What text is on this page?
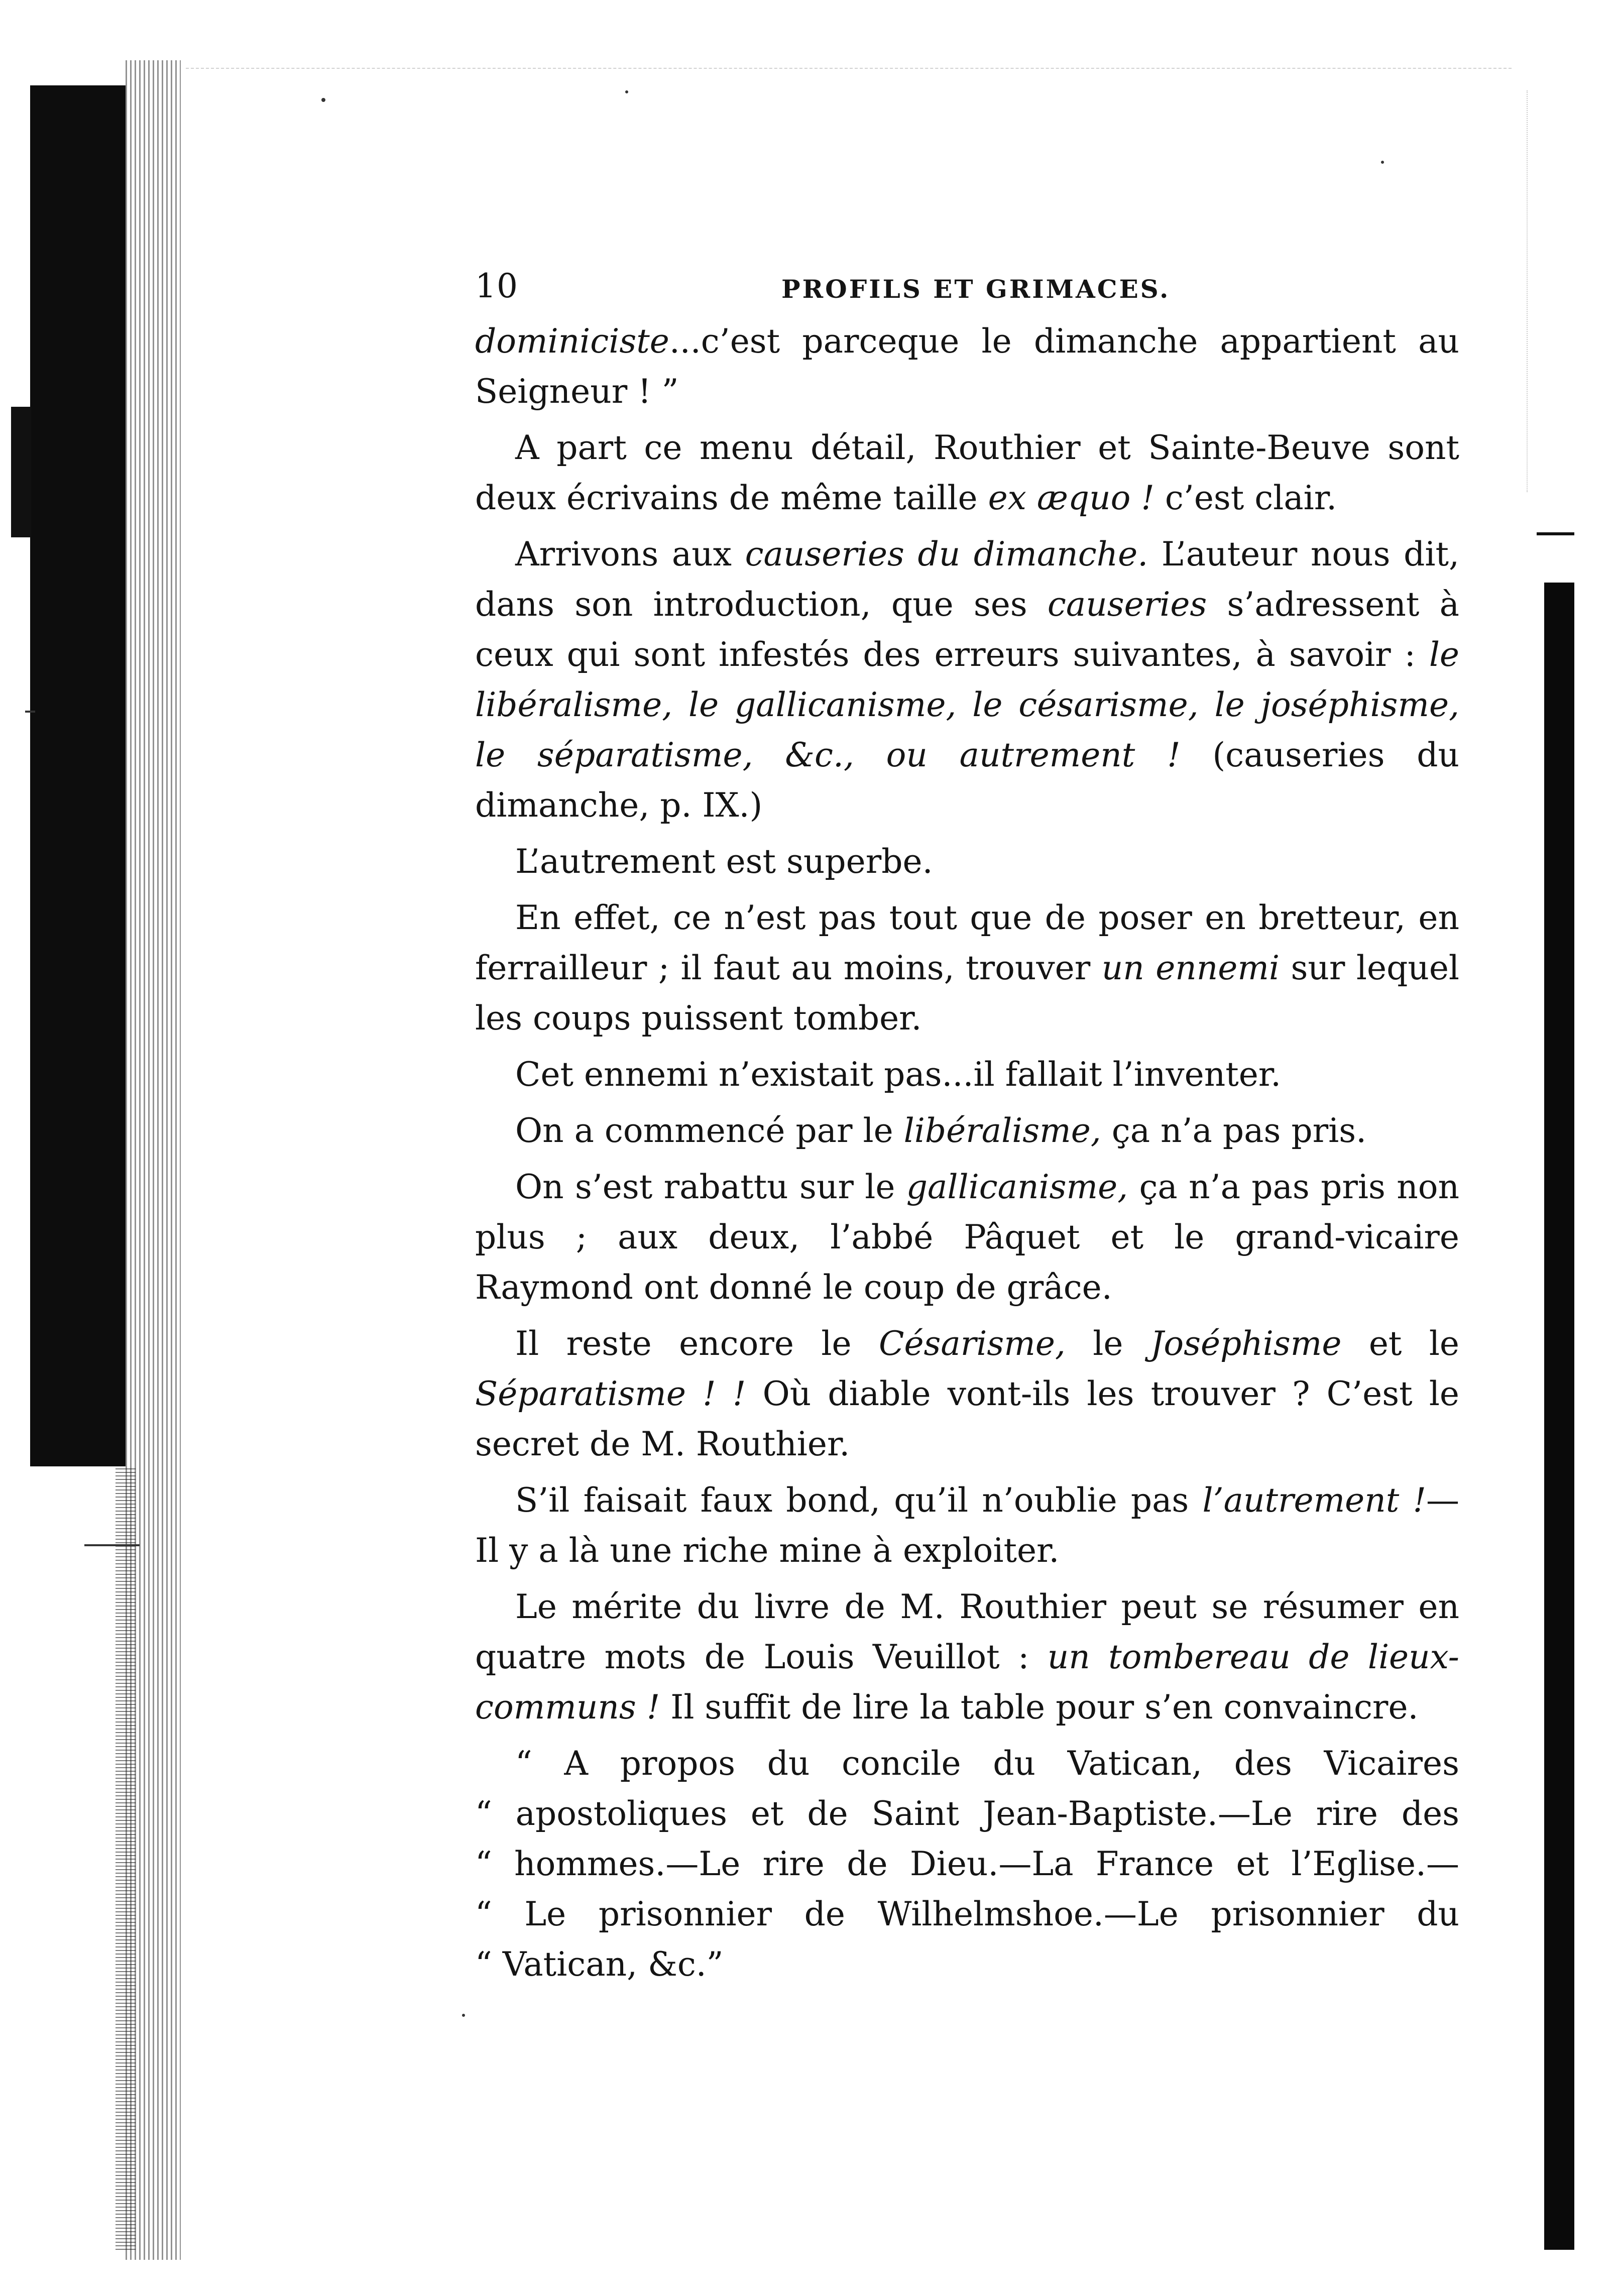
10	PROFILS ET GRIMACES.

dominiciste...c’est parceque le dimanche appartient au Seigneur ! ”

A part ce menu détail, Routhier et Sainte-Beuve sont deux écrivains de même taille ex æquo ! c’est clair.

Arrivons aux causeries du dimanche. L’auteur nous dit, dans son introduction, que ses causeries s’adressent à ceux qui sont infestés des erreurs suivantes, à savoir : le libéralisme, le gallicanisme, le césarisme, le joséphisme, le séparatisme, &c., ou autrement ! (causeries du dimanche, p. IX.)

L’autrement est superbe.

En effet, ce n’est pas tout que de poser en bretteur, en ferrailleur ; il faut au moins, trouver un ennemi sur lequel les coups puissent tomber.

Cet ennemi n’existait pas...il fallait l’inventer.

On a commencé par le libéralisme, ça n’a pas pris.

On s’est rabattu sur le gallicanisme, ça n’a pas pris non plus ; aux deux, l’abbé Pâquet et le grand-vicaire Raymond ont donné le coup de grâce.

Il reste encore le Césarisme, le Joséphisme et le Séparatisme ! ! Où diable vont-ils les trouver ? C’est le secret de M. Routhier.

S’il faisait faux bond, qu’il n’oublie pas l’autrement !— Il y a là une riche mine à exploiter.

Le mérite du livre de M. Routhier peut se résumer en quatre mots de Louis Veuillot : un tombereau de lieux-communs ! Il suffit de lire la table pour s’en convaincre.

“ A propos du concile du Vatican, des Vicaires
“ apostoliques et de Saint Jean-Baptiste.—Le rire des
“ hommes.—Le rire de Dieu.—La France et l’Eglise.—
“ Le prisonnier de Wilhelmshoe.—Le prisonnier du
“ Vatican, &c.”
